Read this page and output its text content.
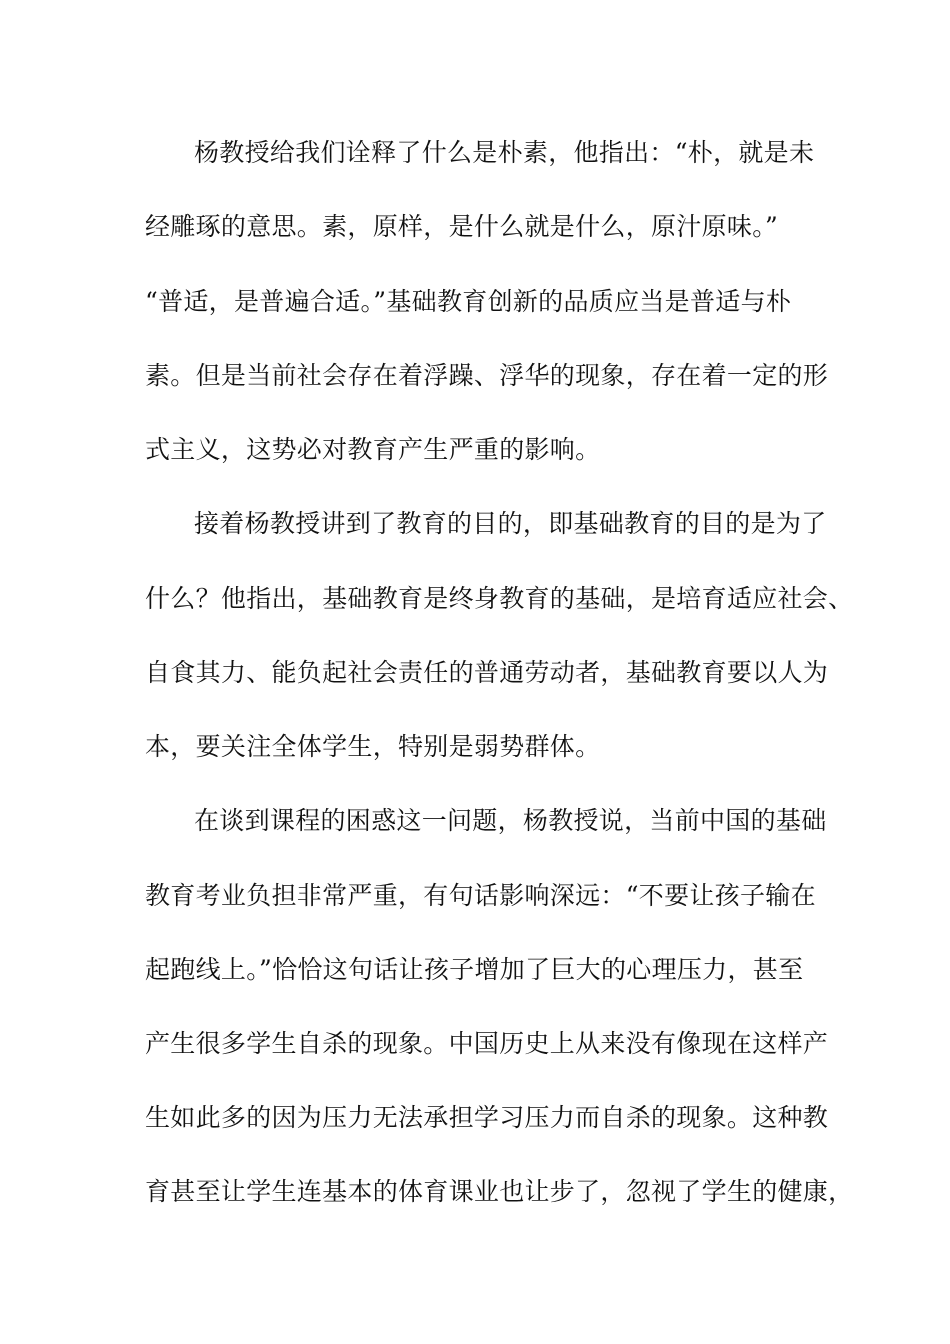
杨教授给我们诠释了什么是朴素，他指出：“朴，就是未
经雕琢的意思。素，原样，是什么就是什么，原汁原味。”
“普适，是普遍合适。”基础教育创新的品质应当是普适与朴
素。但是当前社会存在着浮躁、浮华的现象，存在着一定的形
式主义，这势必对教育产生严重的影响。
接着杨教授讲到了教育的目的，即基础教育的目的是为了
什么？他指出，基础教育是终身教育的基础，是培育适应社会、
自食其力、能负起社会责任的普通劳动者，基础教育要以人为
本，要关注全体学生，特别是弱势群体。
在谈到课程的困惑这一问题，杨教授说，当前中国的基础
教育考业负担非常严重，有句话影响深远：“不要让孩子输在
起跑线上。”恰恰这句话让孩子增加了巨大的心理压力，甚至
产生很多学生自杀的现象。中国历史上从来没有像现在这样产
生如此多的因为压力无法承担学习压力而自杀的现象。这种教
育甚至让学生连基本的体育课业也让步了，忽视了学生的健康，
